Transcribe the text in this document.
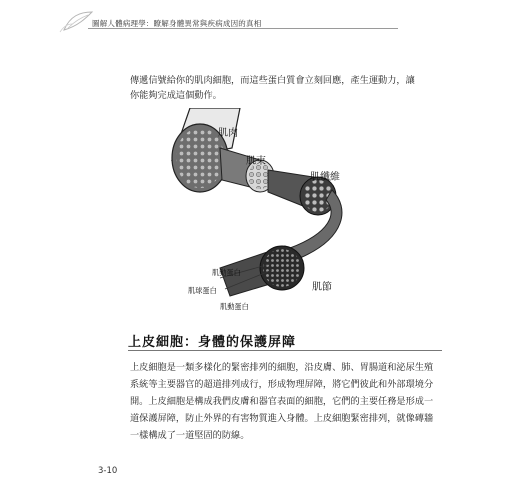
圖解人體病理學：瞭解身體異常與疾病成因的真相
傳遞信號給你的肌肉細胞，而這些蛋白質會立刻回應，產生運動力，讓你能夠完成這個動作。
肌肉
肌束
肌纖維
肌節
肌動蛋白
肌球蛋白
肌動蛋白
上皮細胞：身體的保護屏障
上皮細胞是一類多樣化的緊密排列的細胞，沿皮膚、肺、胃腸道和泌尿生殖系統等主要器官的超道排列成行，形成物理屏障，將它們彼此和外部環境分開。上皮細胞是構成我們皮膚和器官表面的細胞，它們的主要任務是形成一道保護屏障，防止外界的有害物質進入身體。上皮細胞緊密排列，就像磚牆一樣構成了一道堅固的防線。
3-10
